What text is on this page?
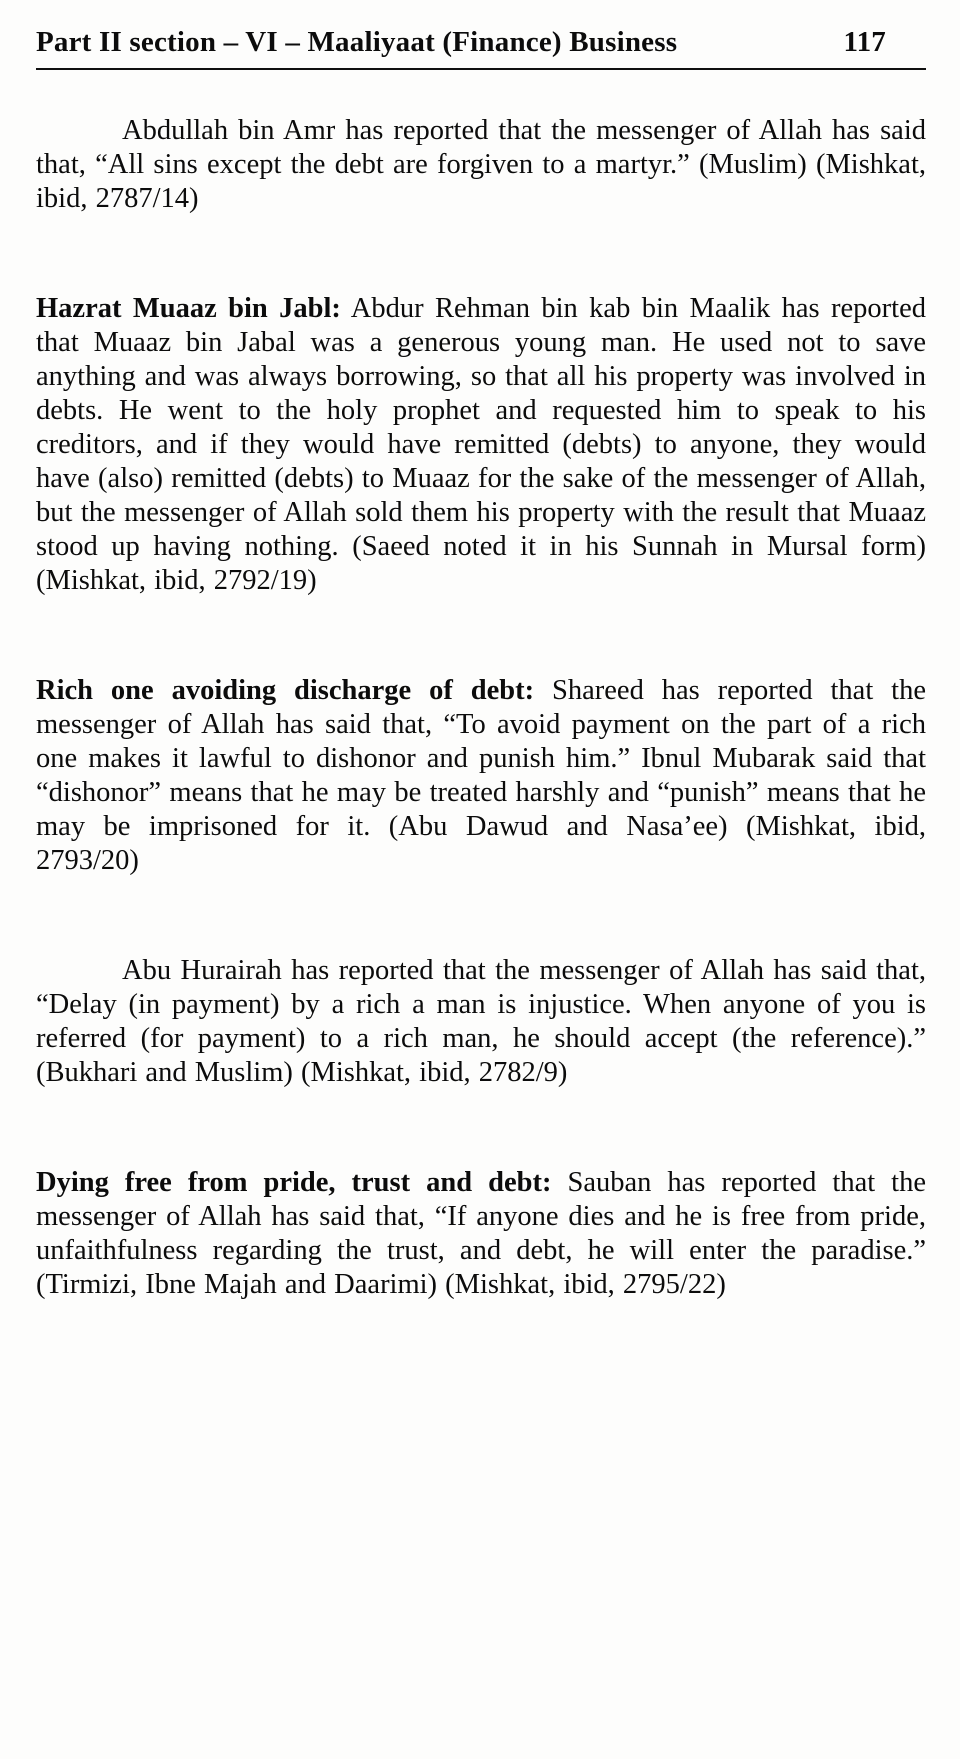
Part II section – VI – Maaliyaat (Finance) Business	117

Abdullah bin Amr has reported that the messenger of Allah has said that, “All sins except the debt are forgiven to a martyr.” (Muslim) (Mishkat, ibid, 2787/14)

Hazrat Muaaz bin Jabl: Abdur Rehman bin kab bin Maalik has reported that Muaaz bin Jabal was a generous young man. He used not to save anything and was always borrowing, so that all his property was involved in debts. He went to the holy prophet and requested him to speak to his creditors, and if they would have remitted (debts) to anyone, they would have (also) remitted (debts) to Muaaz for the sake of the messenger of Allah, but the messenger of Allah sold them his property with the result that Muaaz stood up having nothing. (Saeed noted it in his Sunnah in Mursal form) (Mishkat, ibid, 2792/19)

Rich one avoiding discharge of debt: Shareed has reported that the messenger of Allah has said that, “To avoid payment on the part of a rich one makes it lawful to dishonor and punish him.” Ibnul Mubarak said that “dishonor” means that he may be treated harshly and “punish” means that he may be imprisoned for it. (Abu Dawud and Nasa’ee) (Mishkat, ibid, 2793/20)

Abu Hurairah has reported that the messenger of Allah has said that, “Delay (in payment) by a rich a man is injustice. When anyone of you is referred (for payment) to a rich man, he should accept (the reference).” (Bukhari and Muslim) (Mishkat, ibid, 2782/9)

Dying free from pride, trust and debt: Sauban has reported that the messenger of Allah has said that, “If anyone dies and he is free from pride, unfaithfulness regarding the trust, and debt, he will enter the paradise.” (Tirmizi, Ibne Majah and Daarimi) (Mishkat, ibid, 2795/22)
